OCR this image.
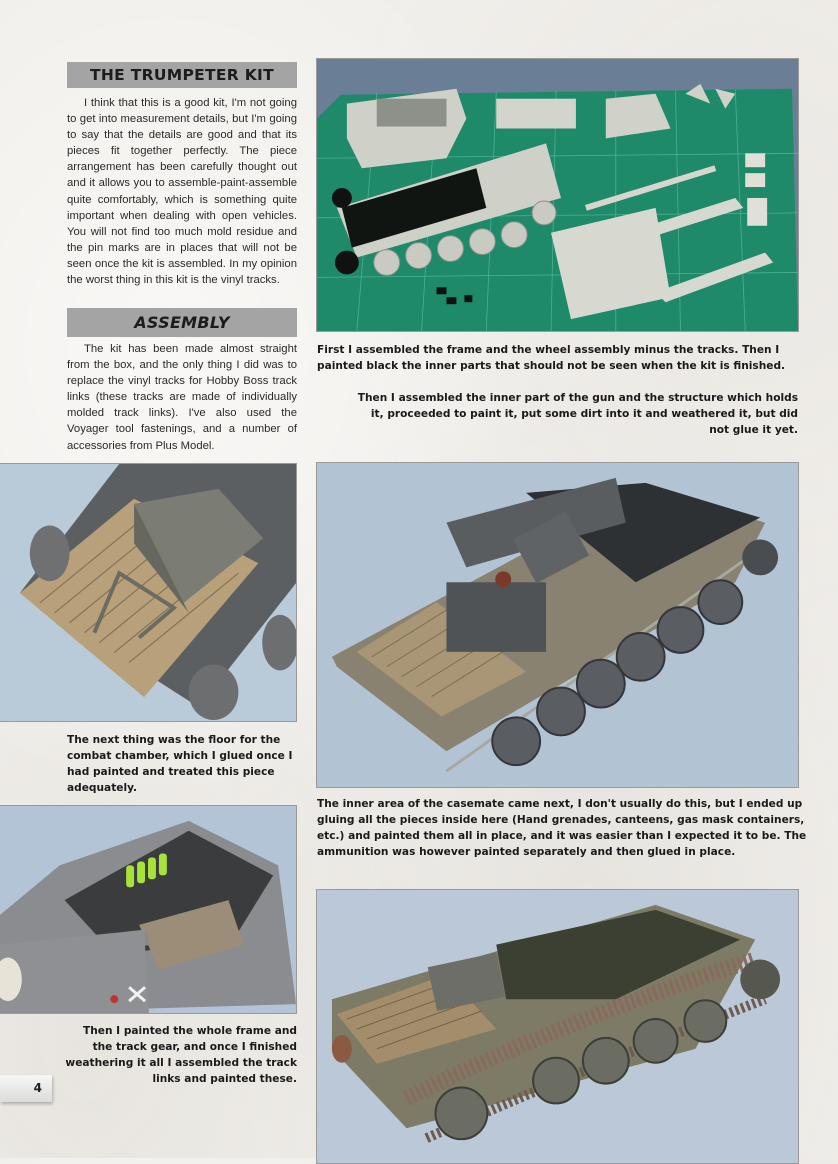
THE TRUMPETER KIT

I think that this is a good kit, I'm not going to get into measurement details, but I'm going to say that the details are good and that its pieces fit together perfectly. The piece arrangement has been carefully thought out and it allows you to assemble-paint-assemble quite comfortably, which is something quite important when dealing with open vehicles. You will not find too much mold residue and the pin marks are in places that will not be seen once the kit is assembled. In my opinion the worst thing in this kit is the vinyl tracks.

ASSEMBLY

The kit has been made almost straight from the box, and the only thing I did was to replace the vinyl tracks for Hobby Boss track links (these tracks are made of individually molded track links). I've also used the Voyager tool fastenings, and a number of accessories from Plus Model.

First I assembled the frame and the wheel assembly minus the tracks. Then I painted black the inner parts that should not be seen when the kit is finished.

Then I assembled the inner part of the gun and the structure which holds it, proceeded to paint it, put some dirt into it and weathered it, but did not glue it yet.

The next thing was the floor for the combat chamber, which I glued once I had painted and treated this piece adequately.

The inner area of the casemate came next, I don't usually do this, but I ended up gluing all the pieces inside here (Hand grenades, canteens, gas mask containers, etc.) and painted them all in place, and it was easier than I expected it to be. The ammunition was however painted separately and then glued in place.

Then I painted the whole frame and the track gear, and once I finished weathering it all I assembled the track links and painted these.

4
